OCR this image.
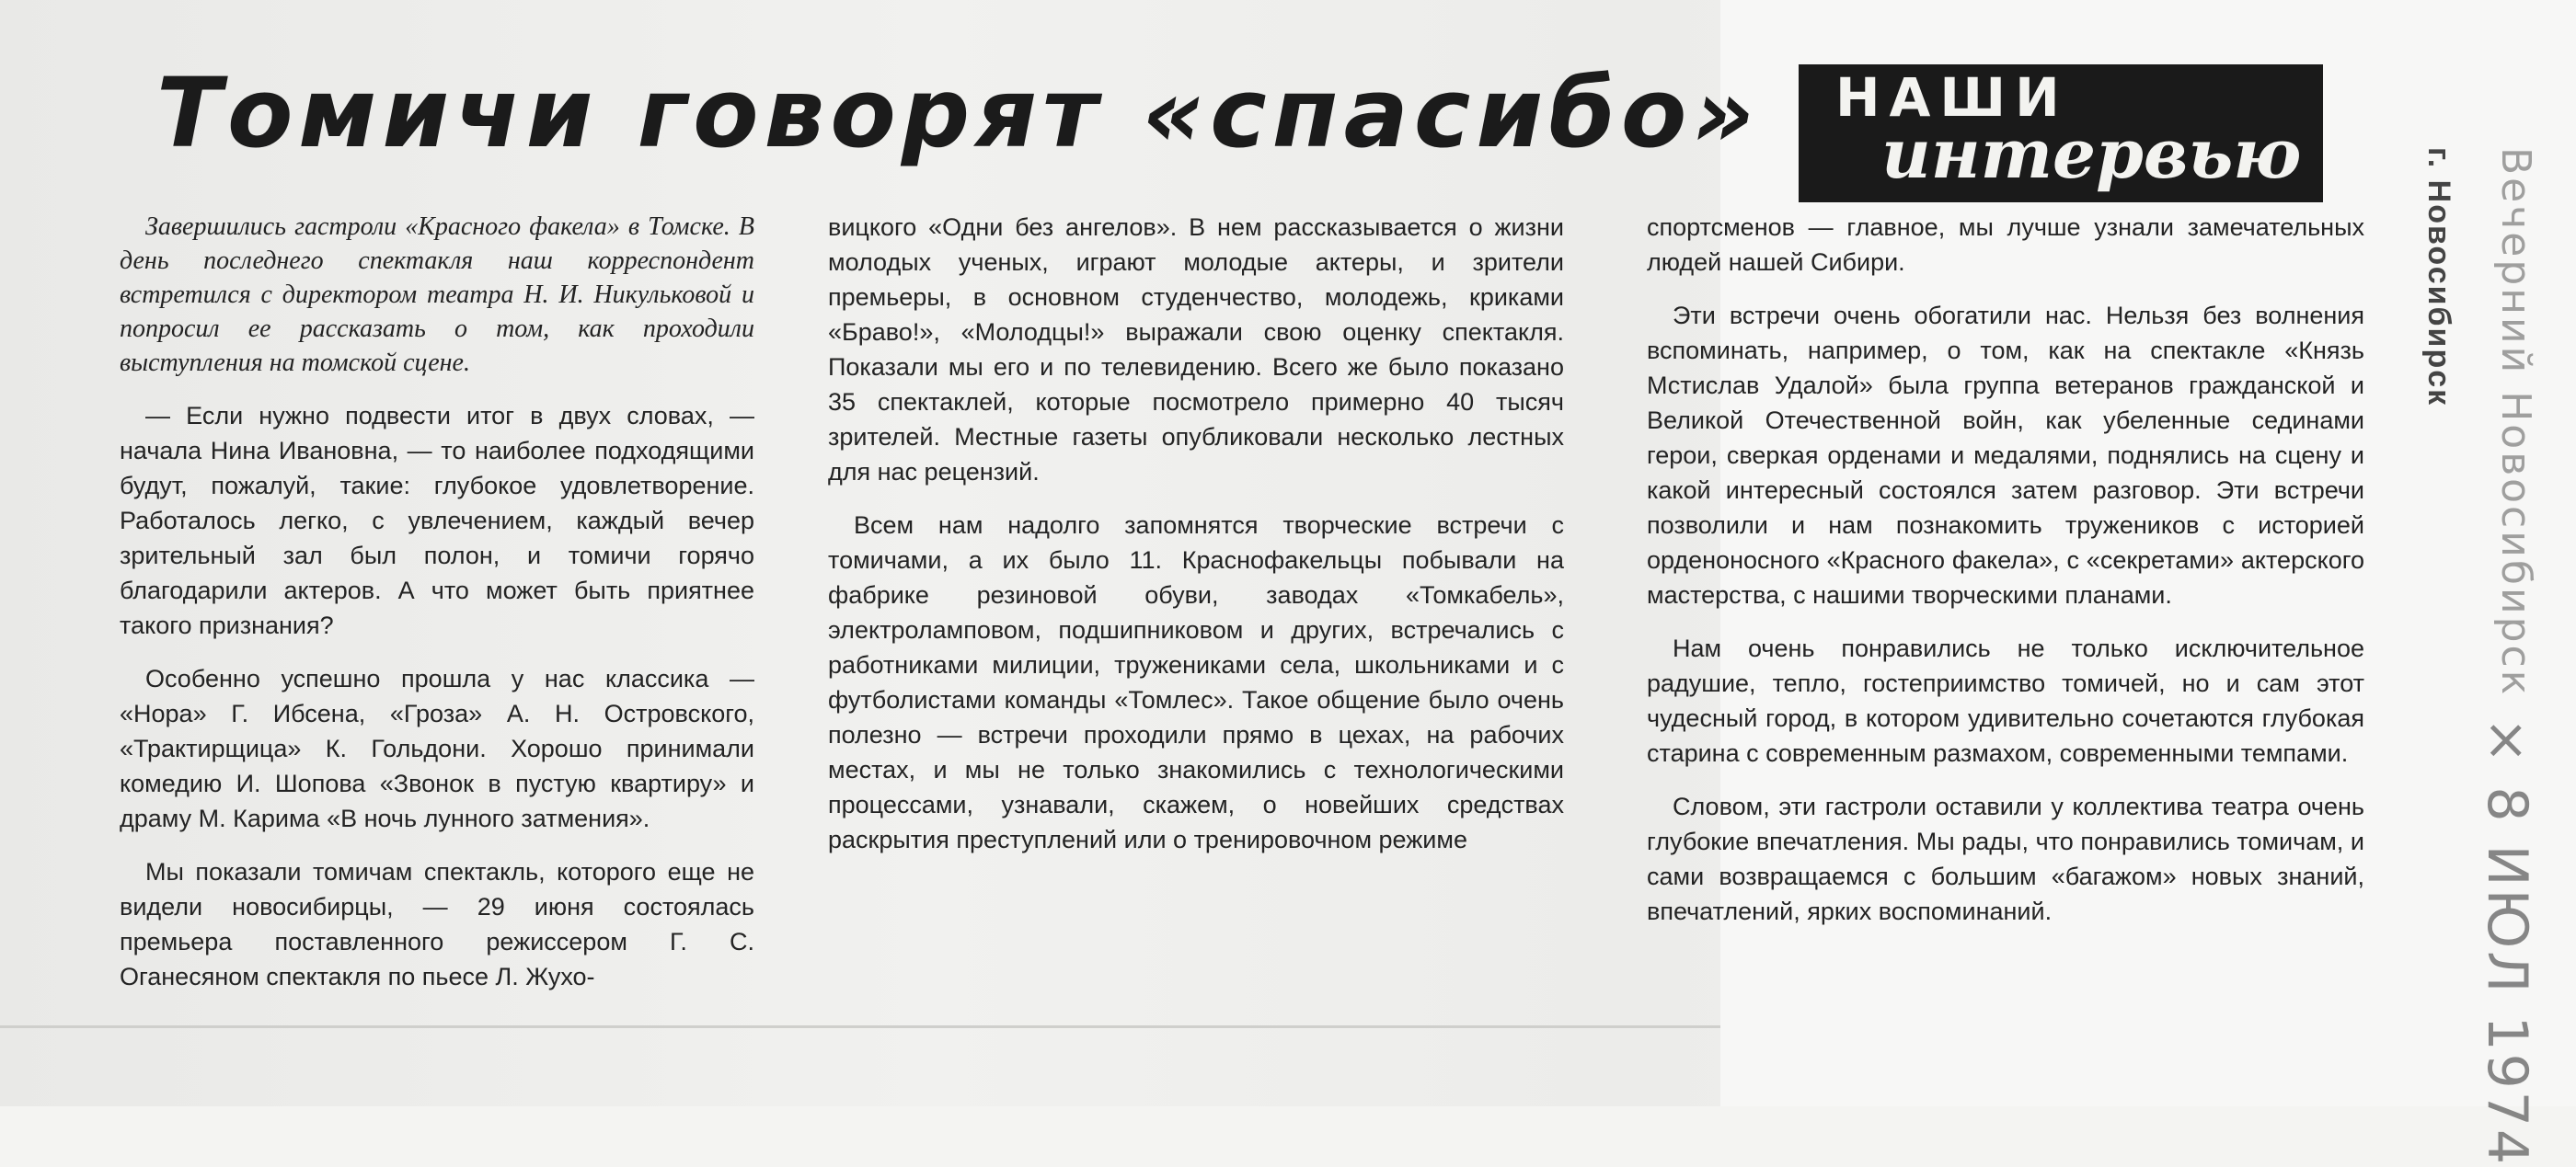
Томичи говорят «спасибо» НАШИ
интервью

Завершились гастроли «Красного факела» в Томске. В день последнего спектакля наш корреспондент встретился с директором театра Н. И. Никульковой и попросил ее рассказать о том, как проходили выступления на томской сцене.

— Если нужно подвести итог в двух словах, — начала Нина Ивановна, — то наиболее подходящими будут, пожалуй, такие: глубокое удовлетворение. Работалось легко, с увлечением, каждый вечер зрительный зал был полон, и томичи горячо благодарили актеров. А что может быть приятнее такого признания?

Особенно успешно прошла у нас классика — «Нора» Г. Ибсена, «Гроза» А. Н. Островского, «Трактирщица» К. Гольдони. Хорошо принимали комедию И. Шопова «Звонок в пустую квартиру» и драму М. Карима «В ночь лунного затмения».

Мы показали томичам спектакль, которого еще не видели новосибирцы, — 29 июня состоялась премьера поставленного режиссером Г. С. Оганесяном спектакля по пьесе Л. Жухо-

вицкого «Одни без ангелов». В нем рассказывается о жизни молодых ученых, играют молодые актеры, и зрители премьеры, в основном студенчество, молодежь, криками «Браво!», «Молодцы!» выражали свою оценку спектакля. Показали мы его и по телевидению. Всего же было показано 35 спектаклей, которые посмотрело примерно 40 тысяч зрителей. Местные газеты опубликовали несколько лестных для нас рецензий.

Всем нам надолго запомнятся творческие встречи с томичами, а их было 11. Краснофакельцы побывали на фабрике резиновой обуви, заводах «Томкабель», электроламповом, подшипниковом и других, встречались с работниками милиции, тружениками села, школьниками и с футболистами команды «Томлес». Такое общение было очень полезно — встречи проходили прямо в цехах, на рабочих местах, и мы не только знакомились с технологическими процессами, узнавали, скажем, о новейших средствах раскрытия преступлений или о тренировочном режиме

спортсменов — главное, мы лучше узнали замечательных людей нашей Сибири.

Эти встречи очень обогатили нас. Нельзя без волнения вспоминать, например, о том, как на спектакле «Князь Мстислав Удалой» была группа ветеранов гражданской и Великой Отечественной войн, как убеленные сединами герои, сверкая орденами и медалями, поднялись на сцену и какой интересный состоялся затем разговор. Эти встречи позволили и нам познакомить тружеников с историей орденоносного «Красного факела», с «секретами» актерского мастерства, с нашими творческими планами.

Нам очень понравились не только исключительное радушие, тепло, гостеприимство томичей, но и сам этот чудесный город, в котором удивительно сочетаются глубокая старина с современным размахом, современными темпами.

Словом, эти гастроли оставили у коллектива театра очень глубокие впечатления. Мы рады, что понравились томичам, и сами возвращаемся с большим «багажом» новых знаний, впечатлений, ярких воспоминаний.

г. Новосибирск Вечерний Новосибирск
× 8 ИЮЛ 1974
